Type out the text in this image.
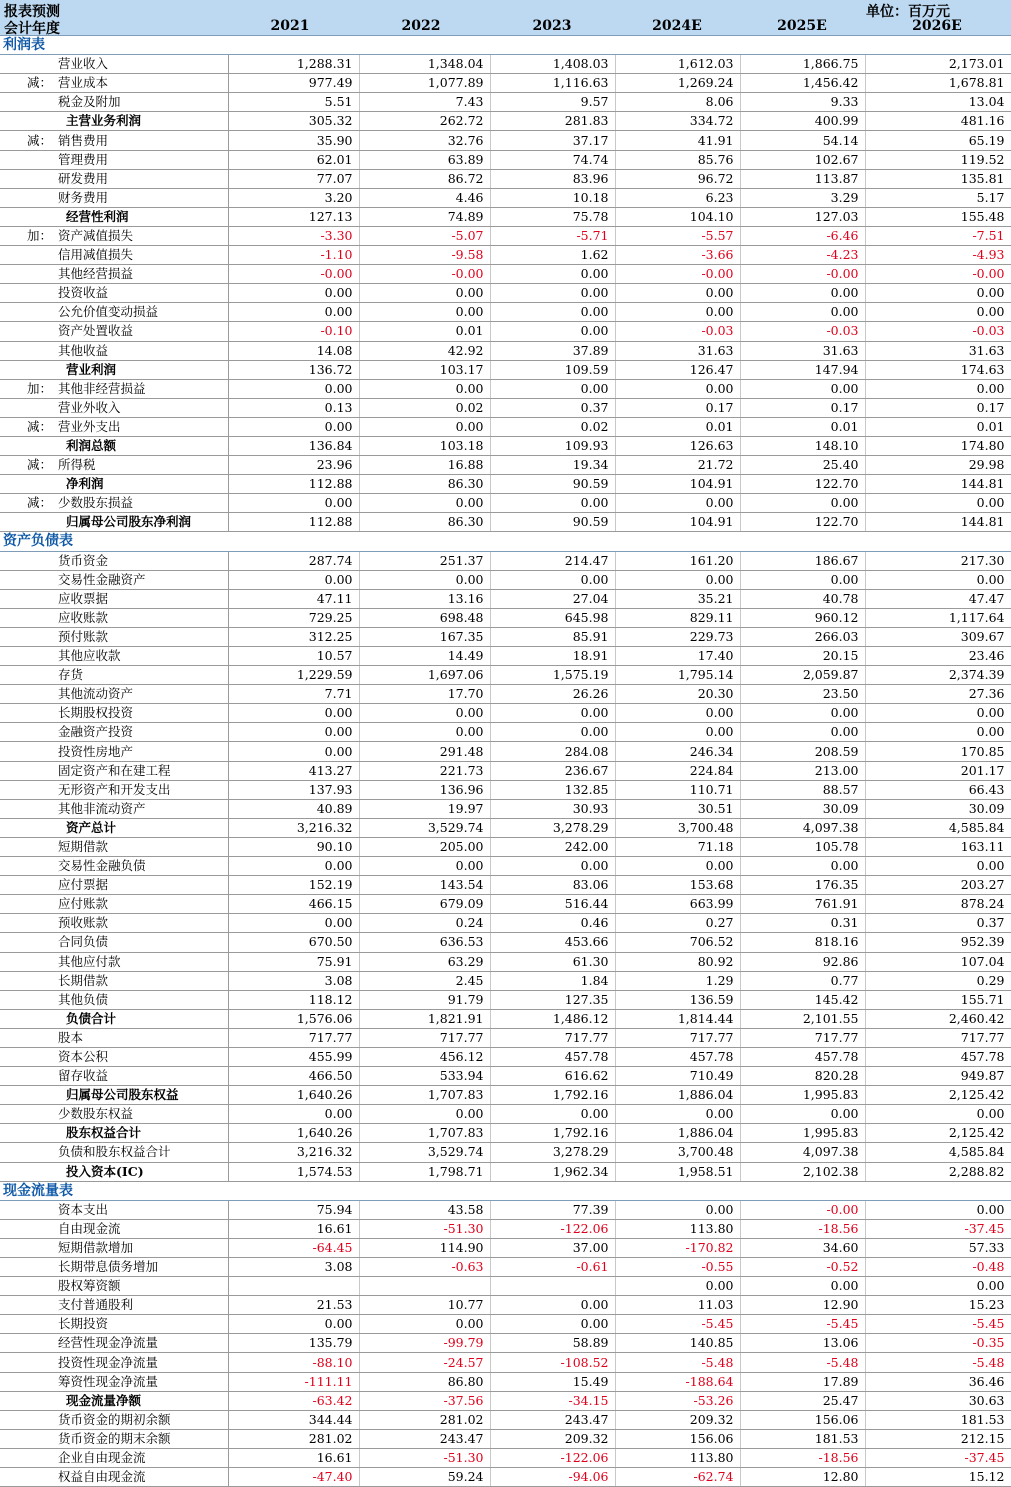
报表预测	单位：百万元
会计年度	2021	2022	2023	2024E	2025E	2026E
利润表							
	营业收入	1,288.31	1,348.04	1,408.03	1,612.03	1,866.75	2,173.01
减：	营业成本	977.49	1,077.89	1,116.63	1,269.24	1,456.42	1,678.81
	税金及附加	5.51	7.43	9.57	8.06	9.33	13.04
	主营业务利润	305.32	262.72	281.83	334.72	400.99	481.16
减：	销售费用	35.90	32.76	37.17	41.91	54.14	65.19
	管理费用	62.01	63.89	74.74	85.76	102.67	119.52
	研发费用	77.07	86.72	83.96	96.72	113.87	135.81
	财务费用	3.20	4.46	10.18	6.23	3.29	5.17
	经营性利润	127.13	74.89	75.78	104.10	127.03	155.48
加：	资产减值损失	-3.30	-5.07	-5.71	-5.57	-6.46	-7.51
	信用减值损失	-1.10	-9.58	1.62	-3.66	-4.23	-4.93
	其他经营损益	-0.00	-0.00	0.00	-0.00	-0.00	-0.00
	投资收益	0.00	0.00	0.00	0.00	0.00	0.00
	公允价值变动损益	0.00	0.00	0.00	0.00	0.00	0.00
	资产处置收益	-0.10	0.01	0.00	-0.03	-0.03	-0.03
	其他收益	14.08	42.92	37.89	31.63	31.63	31.63
	营业利润	136.72	103.17	109.59	126.47	147.94	174.63
加：	其他非经营损益	0.00	0.00	0.00	0.00	0.00	0.00
	营业外收入	0.13	0.02	0.37	0.17	0.17	0.17
减：	营业外支出	0.00	0.00	0.02	0.01	0.01	0.01
	利润总额	136.84	103.18	109.93	126.63	148.10	174.80
减：	所得税	23.96	16.88	19.34	21.72	25.40	29.98
	净利润	112.88	86.30	90.59	104.91	122.70	144.81
减：	少数股东损益	0.00	0.00	0.00	0.00	0.00	0.00
	归属母公司股东净利润	112.88	86.30	90.59	104.91	122.70	144.81
资产负债表							
	货币资金	287.74	251.37	214.47	161.20	186.67	217.30
	交易性金融资产	0.00	0.00	0.00	0.00	0.00	0.00
	应收票据	47.11	13.16	27.04	35.21	40.78	47.47
	应收账款	729.25	698.48	645.98	829.11	960.12	1,117.64
	预付账款	312.25	167.35	85.91	229.73	266.03	309.67
	其他应收款	10.57	14.49	18.91	17.40	20.15	23.46
	存货	1,229.59	1,697.06	1,575.19	1,795.14	2,059.87	2,374.39
	其他流动资产	7.71	17.70	26.26	20.30	23.50	27.36
	长期股权投资	0.00	0.00	0.00	0.00	0.00	0.00
	金融资产投资	0.00	0.00	0.00	0.00	0.00	0.00
	投资性房地产	0.00	291.48	284.08	246.34	208.59	170.85
	固定资产和在建工程	413.27	221.73	236.67	224.84	213.00	201.17
	无形资产和开发支出	137.93	136.96	132.85	110.71	88.57	66.43
	其他非流动资产	40.89	19.97	30.93	30.51	30.09	30.09
	资产总计	3,216.32	3,529.74	3,278.29	3,700.48	4,097.38	4,585.84
	短期借款	90.10	205.00	242.00	71.18	105.78	163.11
	交易性金融负债	0.00	0.00	0.00	0.00	0.00	0.00
	应付票据	152.19	143.54	83.06	153.68	176.35	203.27
	应付账款	466.15	679.09	516.44	663.99	761.91	878.24
	预收账款	0.00	0.24	0.46	0.27	0.31	0.37
	合同负债	670.50	636.53	453.66	706.52	818.16	952.39
	其他应付款	75.91	63.29	61.30	80.92	92.86	107.04
	长期借款	3.08	2.45	1.84	1.29	0.77	0.29
	其他负债	118.12	91.79	127.35	136.59	145.42	155.71
	负债合计	1,576.06	1,821.91	1,486.12	1,814.44	2,101.55	2,460.42
	股本	717.77	717.77	717.77	717.77	717.77	717.77
	资本公积	455.99	456.12	457.78	457.78	457.78	457.78
	留存收益	466.50	533.94	616.62	710.49	820.28	949.87
	归属母公司股东权益	1,640.26	1,707.83	1,792.16	1,886.04	1,995.83	2,125.42
	少数股东权益	0.00	0.00	0.00	0.00	0.00	0.00
	股东权益合计	1,640.26	1,707.83	1,792.16	1,886.04	1,995.83	2,125.42
	负债和股东权益合计	3,216.32	3,529.74	3,278.29	3,700.48	4,097.38	4,585.84
	投入资本(IC)	1,574.53	1,798.71	1,962.34	1,958.51	2,102.38	2,288.82
现金流量表							
	资本支出	75.94	43.58	77.39	0.00	-0.00	0.00
	自由现金流	16.61	-51.30	-122.06	113.80	-18.56	-37.45
	短期借款增加	-64.45	114.90	37.00	-170.82	34.60	57.33
	长期带息债务增加	3.08	-0.63	-0.61	-0.55	-0.52	-0.48
	股权筹资额				0.00	0.00	0.00
	支付普通股利	21.53	10.77	0.00	11.03	12.90	15.23
	长期投资	0.00	0.00	0.00	-5.45	-5.45	-5.45
	经营性现金净流量	135.79	-99.79	58.89	140.85	13.06	-0.35
	投资性现金净流量	-88.10	-24.57	-108.52	-5.48	-5.48	-5.48
	筹资性现金净流量	-111.11	86.80	15.49	-188.64	17.89	36.46
	现金流量净额	-63.42	-37.56	-34.15	-53.26	25.47	30.63
	货币资金的期初余额	344.44	281.02	243.47	209.32	156.06	181.53
	货币资金的期末余额	281.02	243.47	209.32	156.06	181.53	212.15
	企业自由现金流	16.61	-51.30	-122.06	113.80	-18.56	-37.45
	权益自由现金流	-47.40	59.24	-94.06	-62.74	12.80	15.12
